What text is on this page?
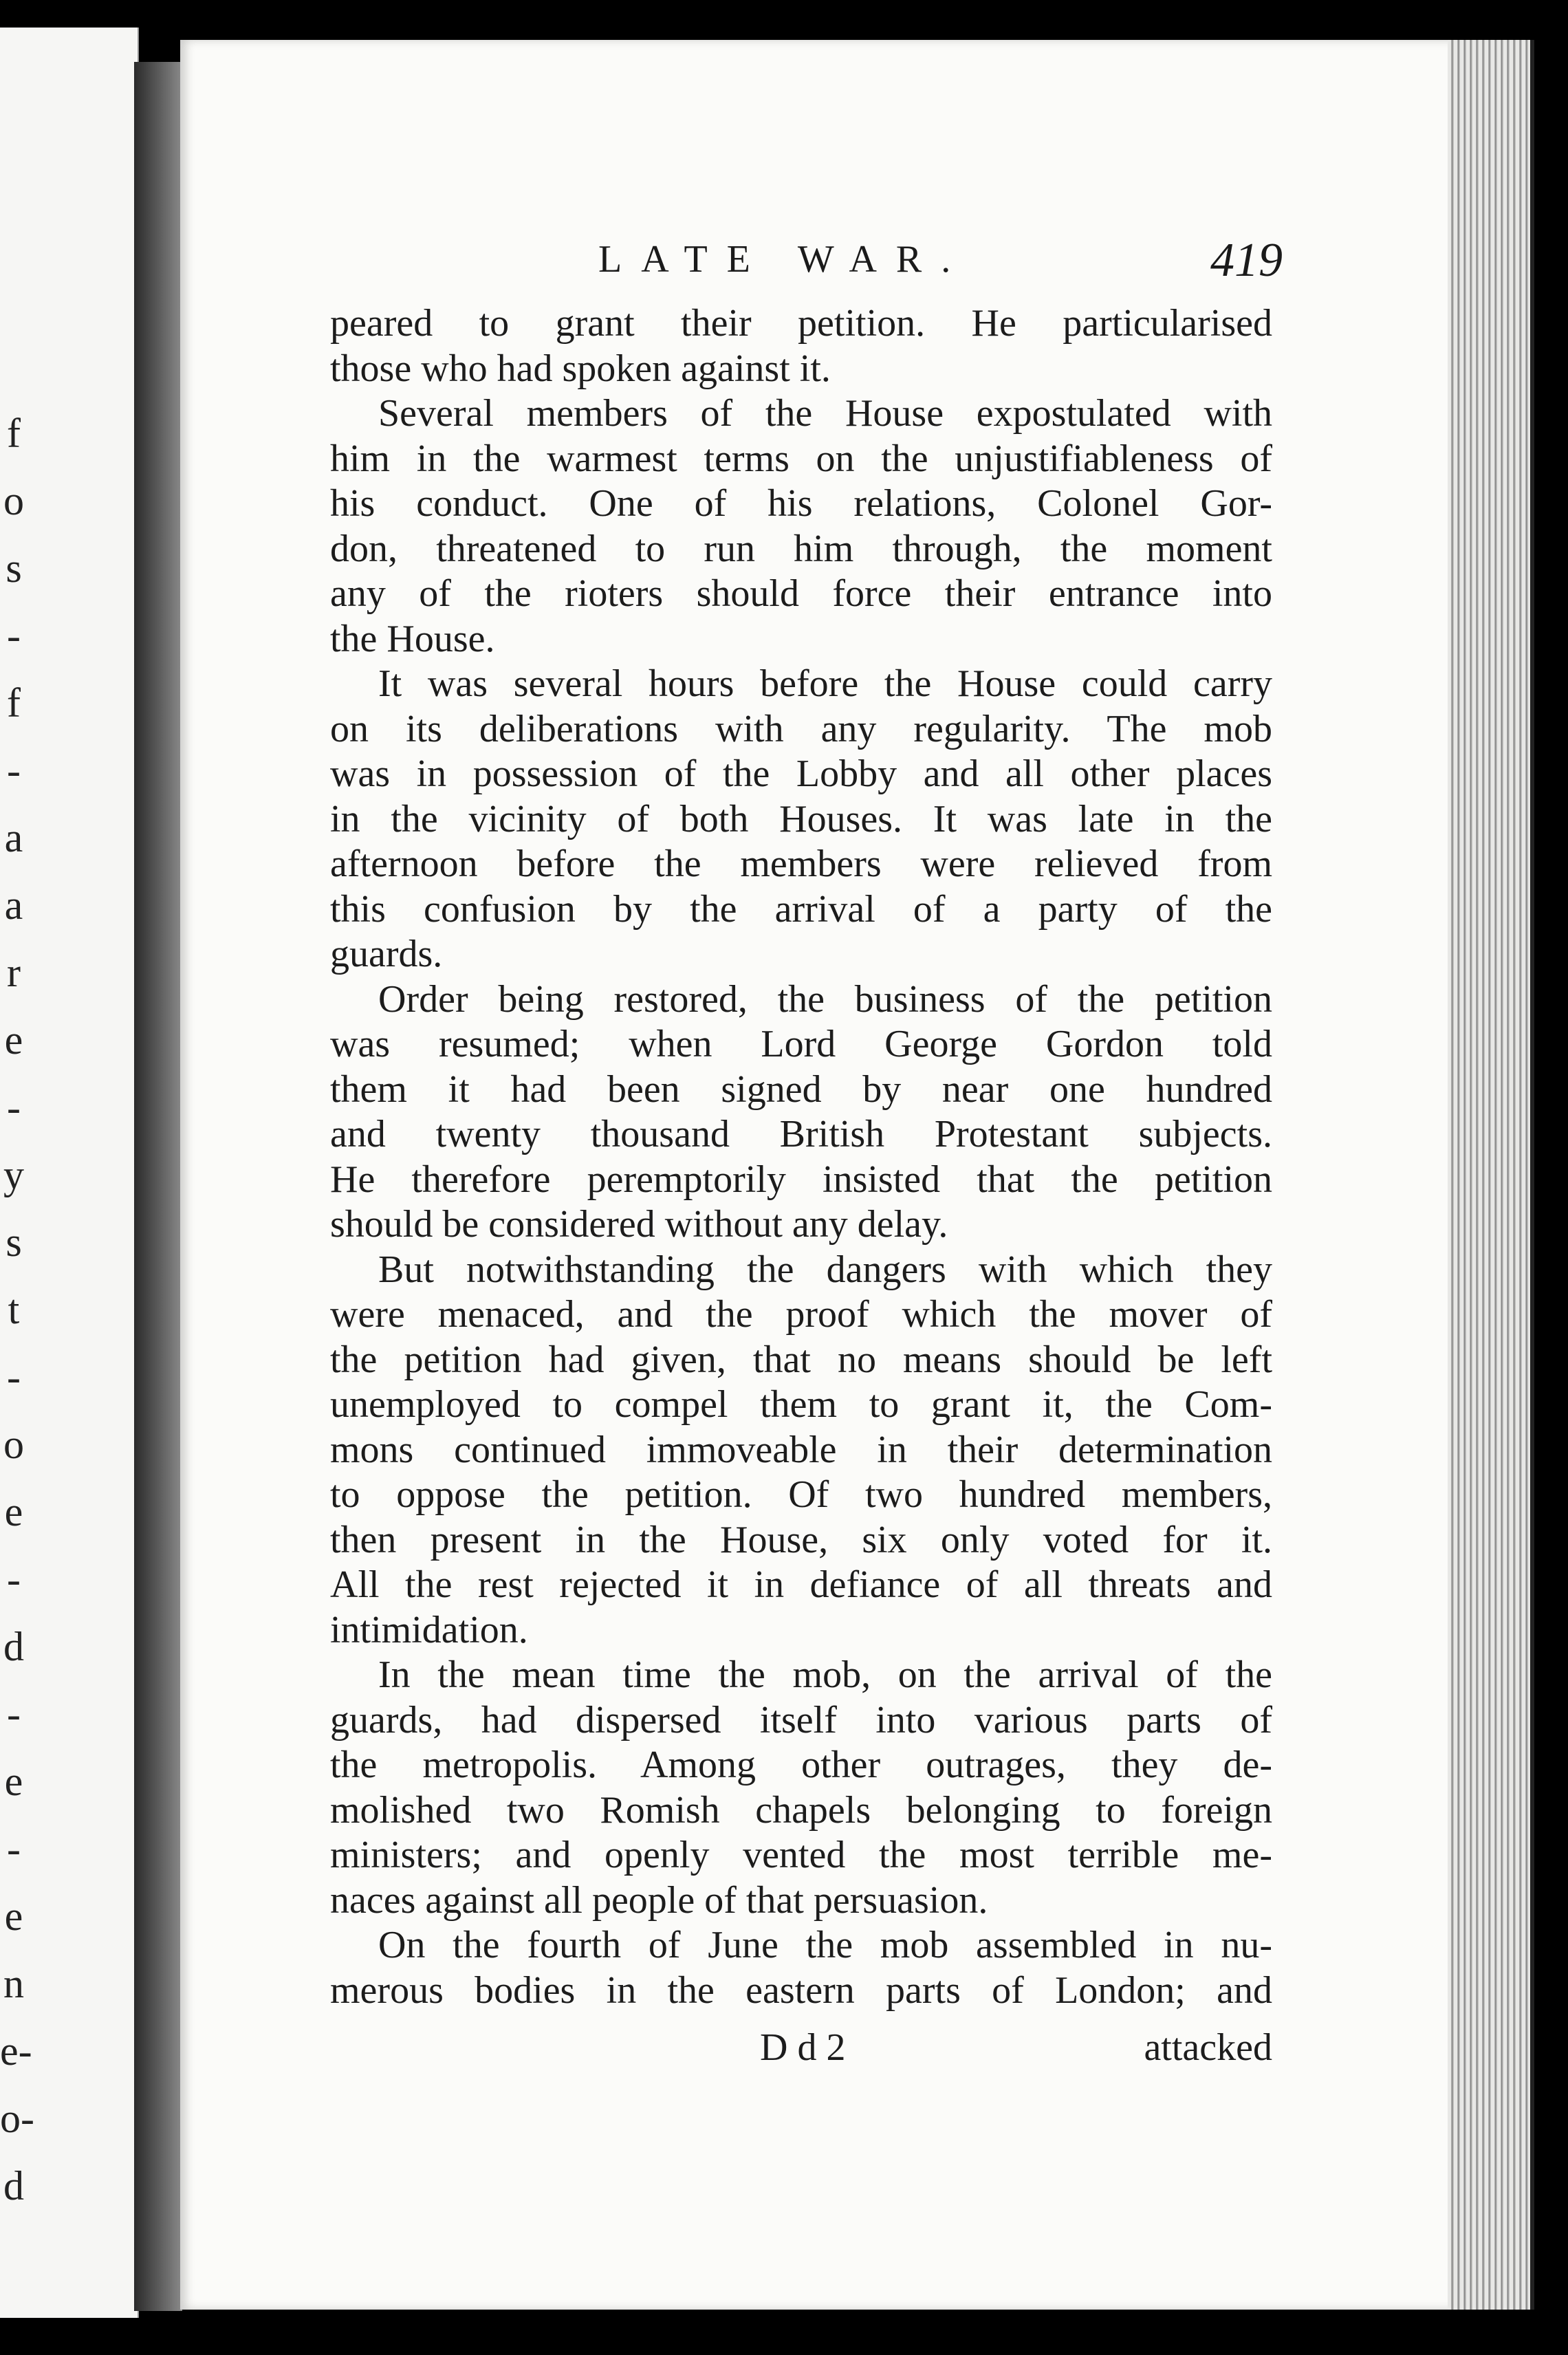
f
o
s
-
f
-
a
a
r
e
-
y
s
t
-
o
e
-
d
-
e
-
e
n
e-
o-
d
LATE WAR.	419
peared to grant their petition. He particularised
those who had spoken against it.
Several members of the House expostulated with
him in the warmest terms on the unjustifiableness of
his conduct. One of his relations, Colonel Gor-
don, threatened to run him through, the moment
any of the rioters should force their entrance into
the House.
It was several hours before the House could carry
on its deliberations with any regularity. The mob
was in possession of the Lobby and all other places
in the vicinity of both Houses. It was late in the
afternoon before the members were relieved from
this confusion by the arrival of a party of the
guards.
Order being restored, the business of the petition
was resumed; when Lord George Gordon told
them it had been signed by near one hundred
and twenty thousand British Protestant subjects.
He therefore peremptorily insisted that the petition
should be considered without any delay.
But notwithstanding the dangers with which they
were menaced, and the proof which the mover of
the petition had given, that no means should be left
unemployed to compel them to grant it, the Com-
mons continued immoveable in their determination
to oppose the petition. Of two hundred members,
then present in the House, six only voted for it.
All the rest rejected it in defiance of all threats and
intimidation.
In the mean time the mob, on the arrival of the
guards, had dispersed itself into various parts of
the metropolis. Among other outrages, they de-
molished two Romish chapels belonging to foreign
ministers; and openly vented the most terrible me-
naces against all people of that persuasion.
On the fourth of June the mob assembled in nu-
merous bodies in the eastern parts of London; and
D d 2	attacked
